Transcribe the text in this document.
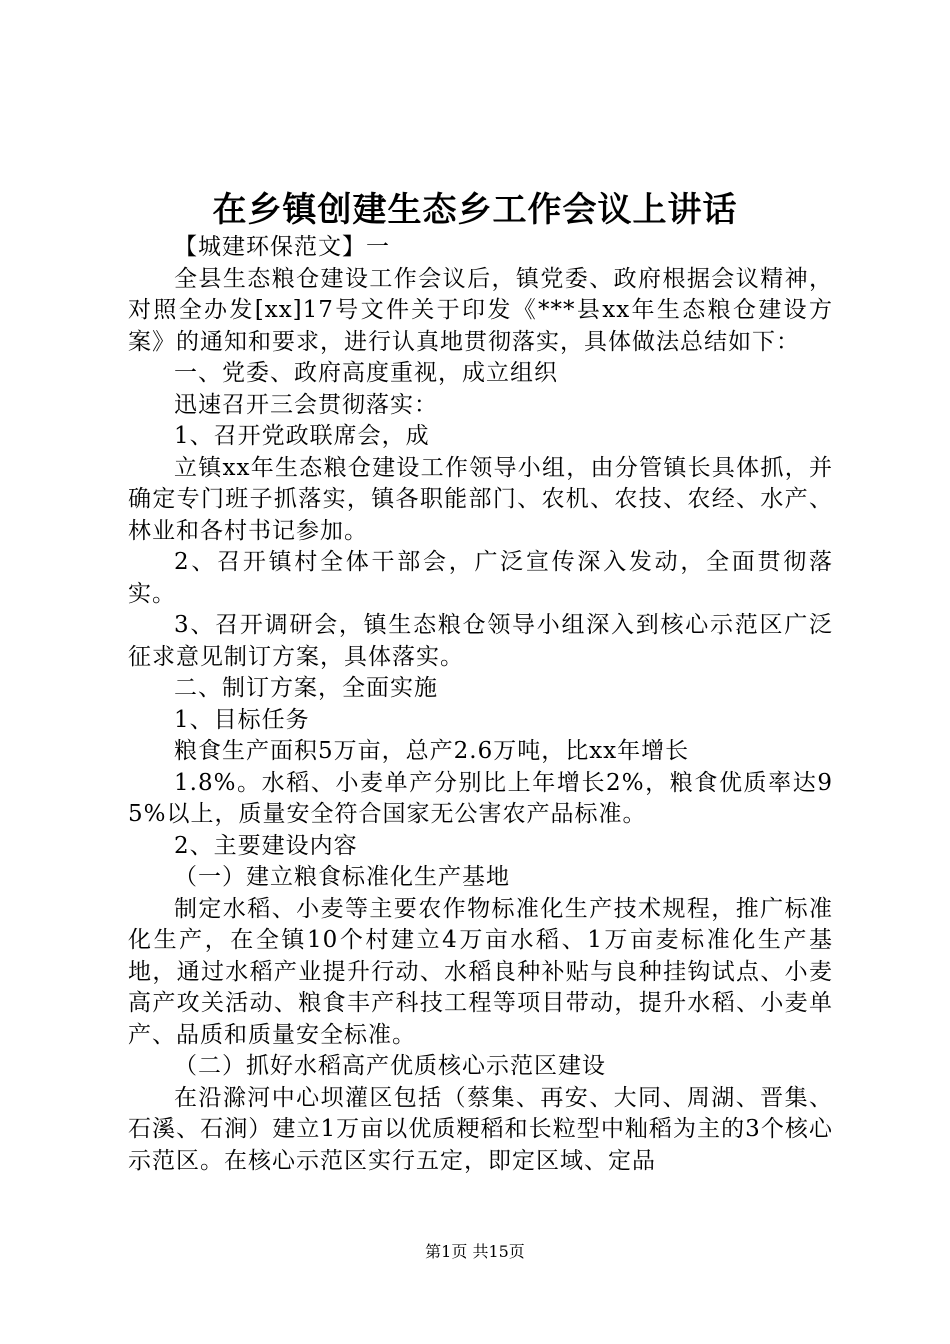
在乡镇创建生态乡工作会议上讲话

【城建环保范文】一

全县生态粮仓建设工作会议后，镇党委、政府根据会议精神，对照全办发[xx]17号文件关于印发《***县xx年生态粮仓建设方案》的通知和要求，进行认真地贯彻落实，具体做法总结如下：

一、党委、政府高度重视，成立组织

迅速召开三会贯彻落实：

1、召开党政联席会，成

立镇xx年生态粮仓建设工作领导小组，由分管镇长具体抓，并确定专门班子抓落实，镇各职能部门、农机、农技、农经、水产、林业和各村书记参加。

2、召开镇村全体干部会，广泛宣传深入发动，全面贯彻落实。

3、召开调研会，镇生态粮仓领导小组深入到核心示范区广泛征求意见制订方案，具体落实。

二、制订方案，全面实施

1、目标任务

粮食生产面积5万亩，总产2.6万吨，比xx年增长

1.8%。水稻、小麦单产分别比上年增长2%，粮食优质率达95%以上，质量安全符合国家无公害农产品标准。

2、主要建设内容

（一）建立粮食标准化生产基地

制定水稻、小麦等主要农作物标准化生产技术规程，推广标准化生产，在全镇10个村建立4万亩水稻、1万亩麦标准化生产基地，通过水稻产业提升行动、水稻良种补贴与良种挂钩试点、小麦高产攻关活动、粮食丰产科技工程等项目带动，提升水稻、小麦单产、品质和质量安全标准。

（二）抓好水稻高产优质核心示范区建设

在沿滁河中心坝灌区包括（蔡集、再安、大同、周湖、晋集、石溪、石涧）建立1万亩以优质粳稻和长粒型中籼稻为主的3个核心示范区。在核心示范区实行五定，即定区域、定品

第1页 共15页
